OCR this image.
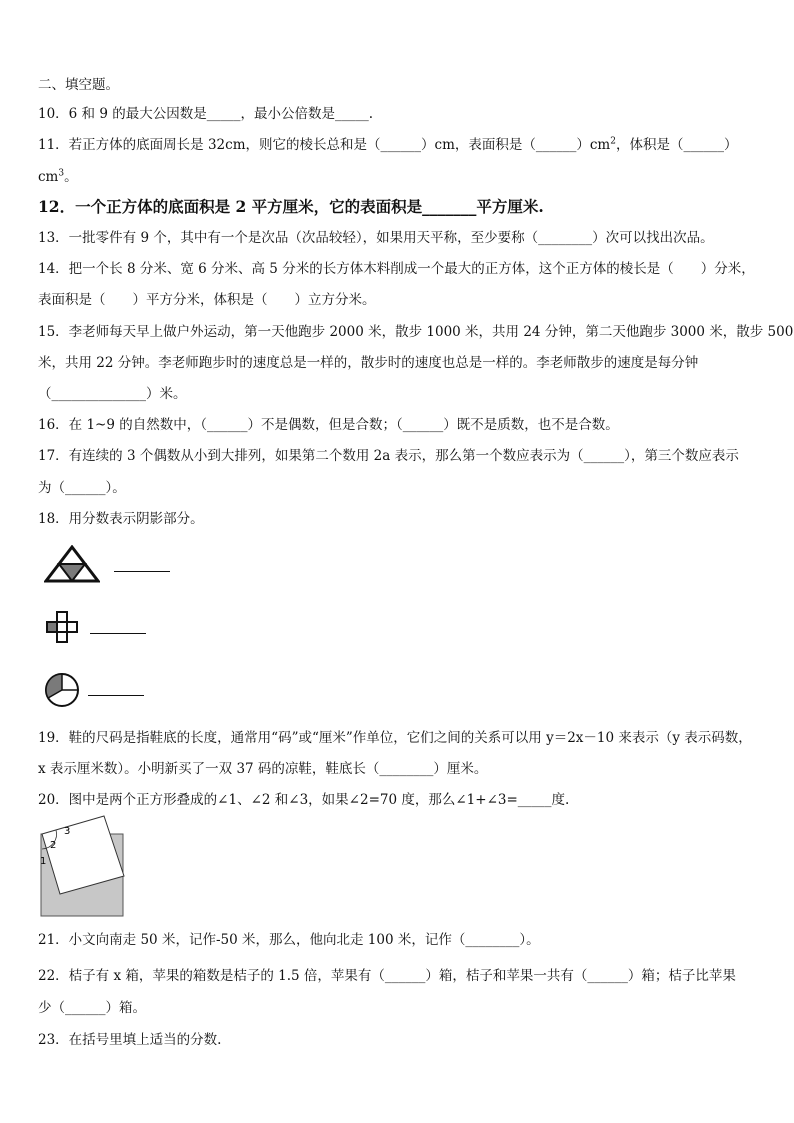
二、填空题。
10．6 和 9 的最大公因数是_____，最小公倍数是_____.
11．若正方体的底面周长是 32cm，则它的棱长总和是（______）cm，表面积是$(\_\_\_\_\_\_)cm^2$，体积是（______）
$cm^3$。
12．一个正方体的底面积是 2 平方厘米，它的表面积是_______平方厘米.
13．一批零件有 9 个，其中有一个是次品（次品较轻），如果用天平称，至少要称（________）次可以找出次品。
14．把一个长 8 分米、宽 6 分米、高 5 分米的长方体木料削成一个最大的正方体，这个正方体的棱长是（　　）分米，
表面积是（　　）平方分米，体积是（　　）立方分米。
15．李老师每天早上做户外运动，第一天他跑步 2000 米，散步 1000 米，共用 24 分钟，第二天他跑步 3000 米，散步 500
米，共用 22 分钟。李老师跑步时的速度总是一样的，散步时的速度也总是一样的。李老师散步的速度是每分钟
（______________）米。
16．在 1~9 的自然数中，（______）不是偶数，但是合数；（______）既不是质数，也不是合数。
17．有连续的 3 个偶数从小到大排列，如果第二个数用 2a 表示，那么第一个数应表示为（______），第三个数应表示
为（______）。
18．用分数表示阴影部分。
19．鞋的尺码是指鞋底的长度，通常用“码”或“厘米”作单位，它们之间的关系可以用 y＝2x－10 来表示（y 表示码数，
x 表示厘米数）。小明新买了一双 37 码的凉鞋，鞋底长（________）厘米。
20．图中是两个正方形叠成的∠1、∠2 和∠3，如果∠2=70 度，那么∠1+∠3=_____度.
1
2
3
21．小文向南走 50 米，记作-50 米，那么，他向北走 100 米，记作（________）。
22．桔子有 x 箱，苹果的箱数是桔子的 1.5 倍，苹果有（______）箱，桔子和苹果一共有（______）箱；桔子比苹果
少（______）箱。
23．在括号里填上适当的分数.
